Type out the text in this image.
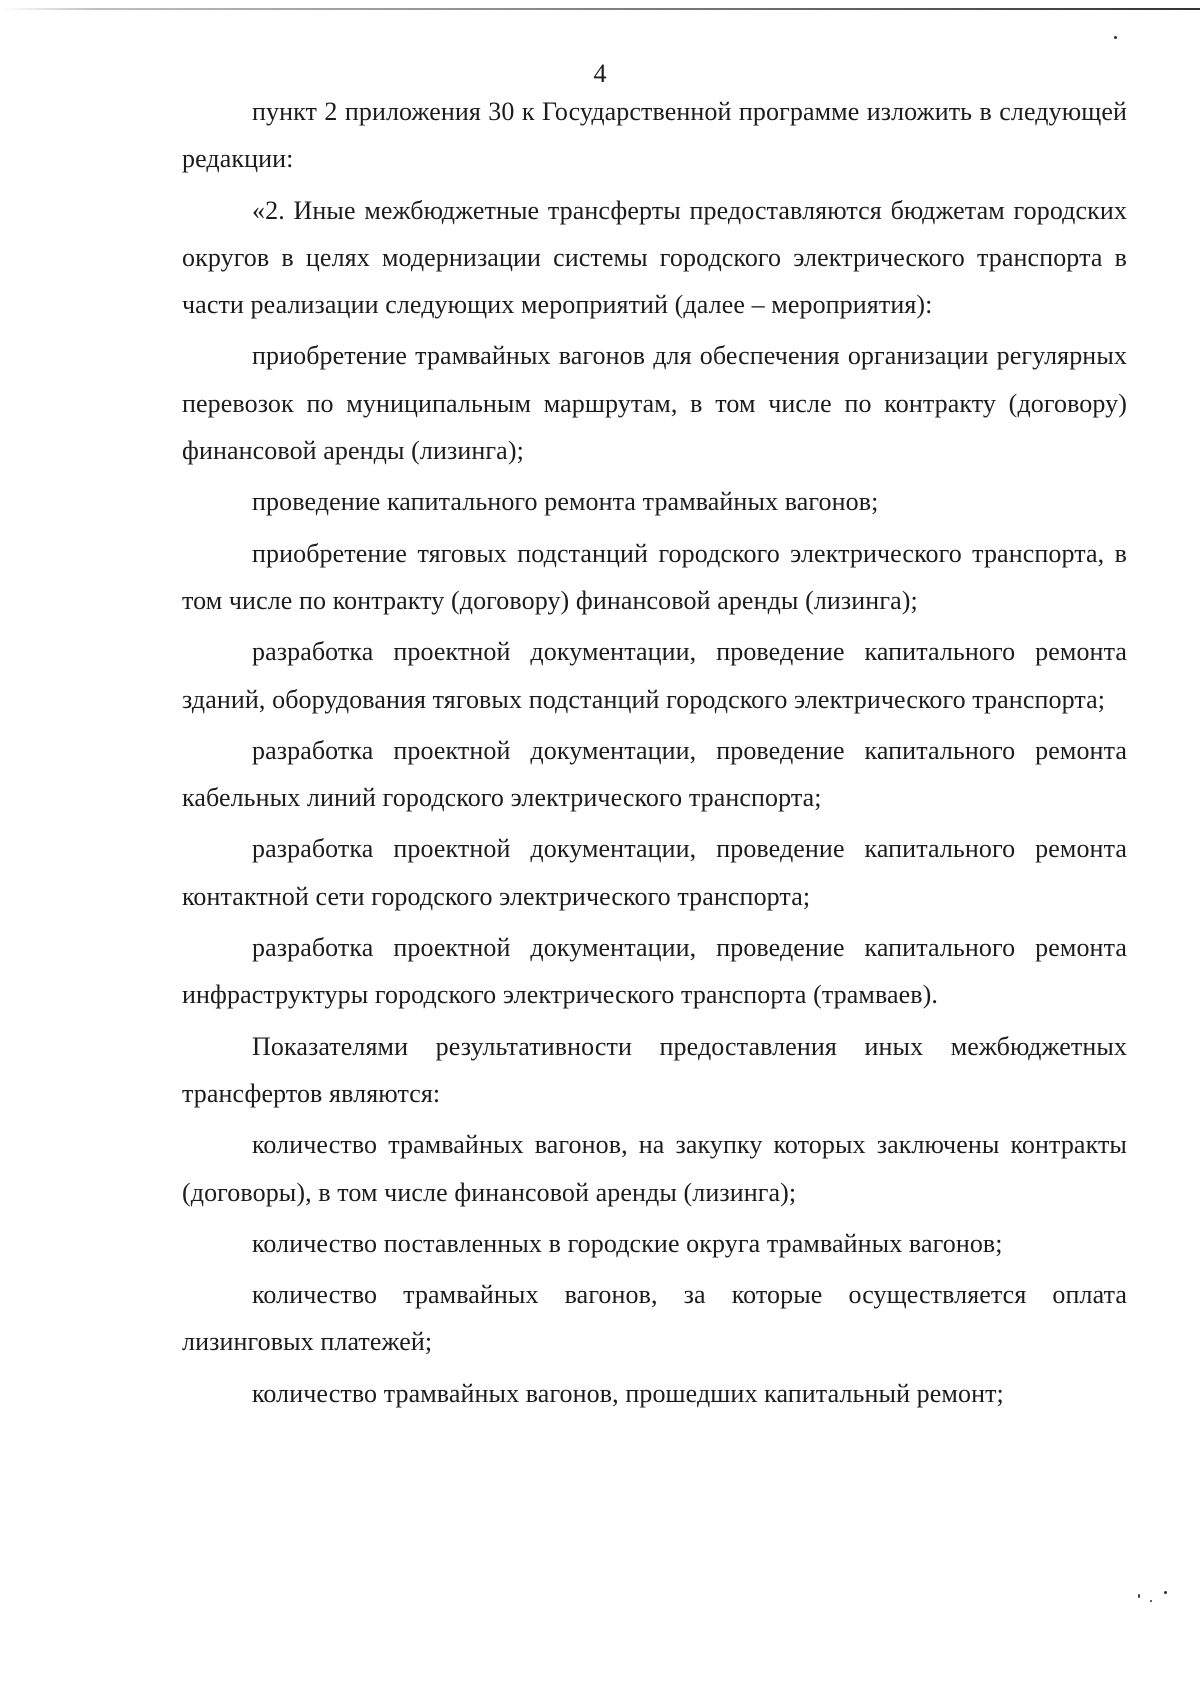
4

пункт 2 приложения 30 к Государственной программе изложить в следующей редакции:

«2. Иные межбюджетные трансферты предоставляются бюджетам городских округов в целях модернизации системы городского электрического транспорта в части реализации следующих мероприятий (далее – мероприятия):

приобретение трамвайных вагонов для обеспечения организации регулярных перевозок по муниципальным маршрутам, в том числе по контракту (договору) финансовой аренды (лизинга);

проведение капитального ремонта трамвайных вагонов;

приобретение тяговых подстанций городского электрического транспорта, в том числе по контракту (договору) финансовой аренды (лизинга);

разработка проектной документации, проведение капитального ремонта зданий, оборудования тяговых подстанций городского электрического транспорта;

разработка проектной документации, проведение капитального ремонта кабельных линий городского электрического транспорта;

разработка проектной документации, проведение капитального ремонта контактной сети городского электрического транспорта;

разработка проектной документации, проведение капитального ремонта инфраструктуры городского электрического транспорта (трамваев).

Показателями результативности предоставления иных межбюджетных трансфертов являются:

количество трамвайных вагонов, на закупку которых заключены контракты (договоры), в том числе финансовой аренды (лизинга);

количество поставленных в городские округа трамвайных вагонов;

количество трамвайных вагонов, за которые осуществляется оплата лизинговых платежей;

количество трамвайных вагонов, прошедших капитальный ремонт;
